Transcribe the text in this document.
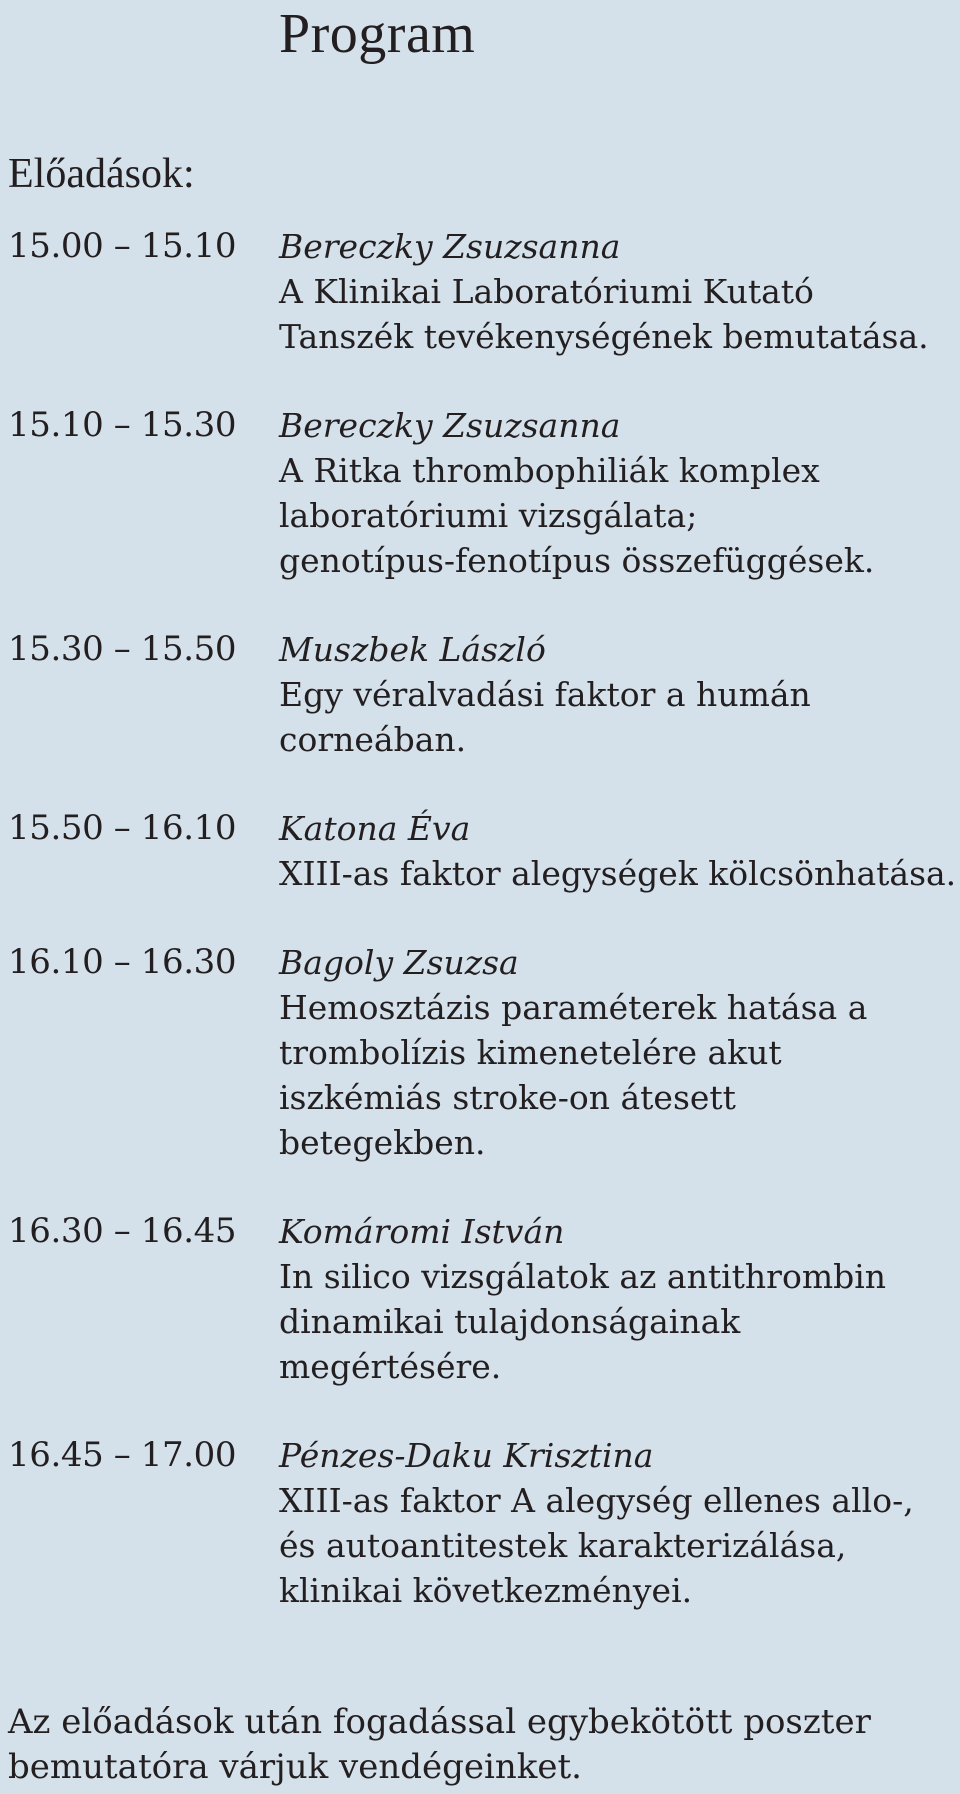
Program
Előadások:
15.00 – 15.10	Bereczky Zsuzsanna
A Klinikai Laboratóriumi Kutató
Tanszék tevékenységének bemutatása.
15.10 – 15.30	Bereczky Zsuzsanna
A Ritka thrombophiliák komplex
laboratóriumi vizsgálata;
genotípus-fenotípus összefüggések.
15.30 – 15.50	Muszbek László
Egy véralvadási faktor a humán
corneában.
15.50 – 16.10	Katona Éva
XIII-as faktor alegységek kölcsönhatása.
16.10 – 16.30	Bagoly Zsuzsa
Hemosztázis paraméterek hatása a
trombolízis kimenetelére akut
iszkémiás stroke-on átesett
betegekben.
16.30 – 16.45	Komáromi István
In silico vizsgálatok az antithrombin
dinamikai tulajdonságainak
megértésére.
16.45 – 17.00	Pénzes-Daku Krisztina
XIII-as faktor A alegység ellenes allo-,
és autoantitestek karakterizálása,
klinikai következményei.

Az előadások után fogadással egybekötött poszter
bemutatóra várjuk vendégeinket.
